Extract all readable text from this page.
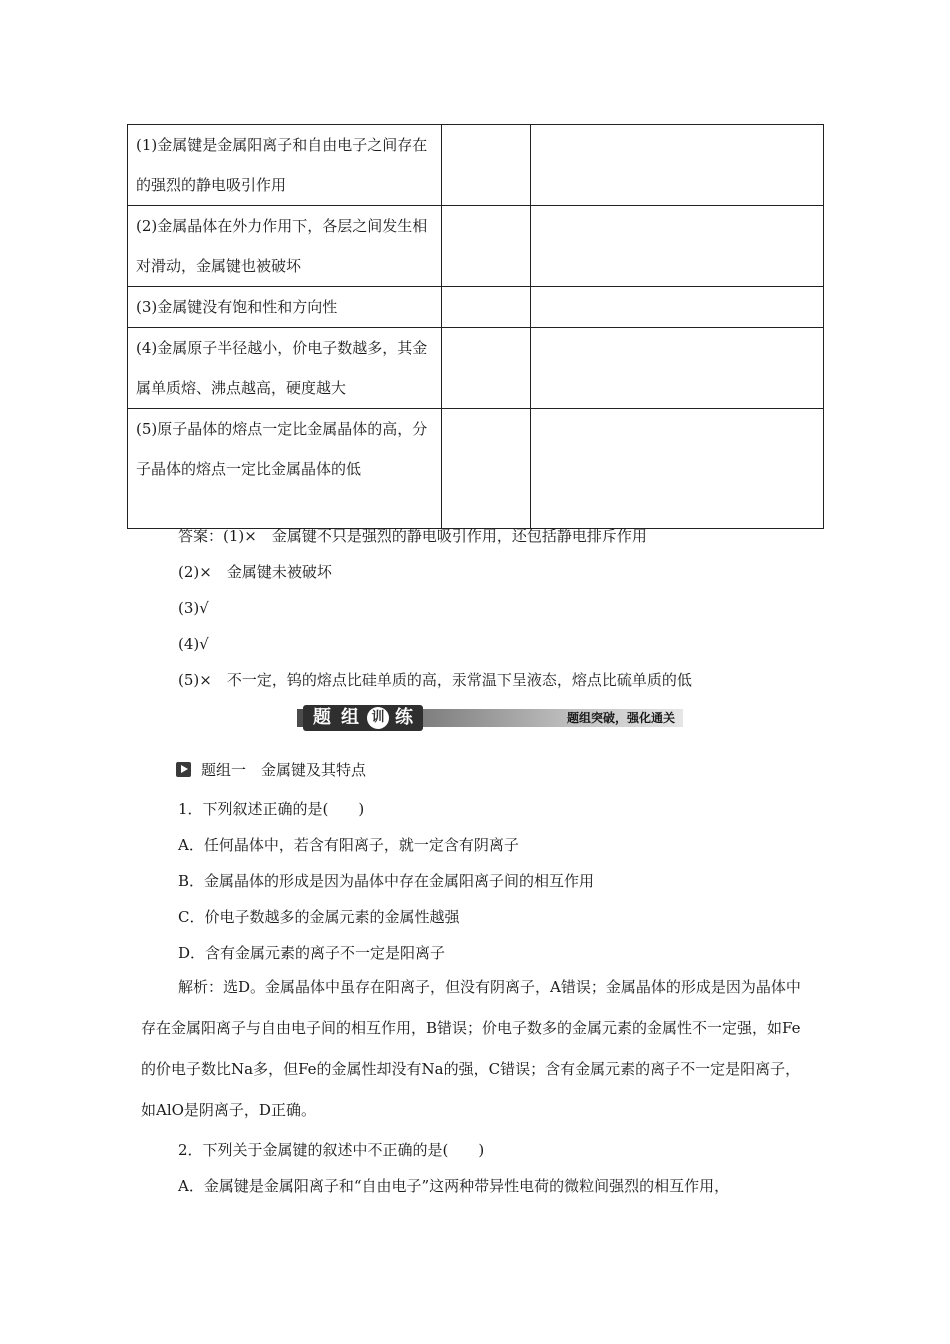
(1)金属键是金属阳离子和自由电子之间存在的强烈的静电吸引作用		
(2)金属晶体在外力作用下，各层之间发生相对滑动，金属键也被破坏		
(3)金属键没有饱和性和方向性		
(4)金属原子半径越小，价电子数越多，其金属单质熔、沸点越高，硬度越大		
(5)原子晶体的熔点一定比金属晶体的高，分子晶体的熔点一定比金属晶体的低		
答案：(1)×　金属键不只是强烈的静电吸引作用，还包括静电排斥作用
(2)×　金属键未被破坏
(3)√
(4)√
(5)×　不一定，钨的熔点比硅单质的高，汞常温下呈液态，熔点比硫单质的低
题 组 训 练	题组突破，强化通关
题组一　金属键及其特点
1．下列叙述正确的是(　　)
A．任何晶体中，若含有阳离子，就一定含有阴离子
B．金属晶体的形成是因为晶体中存在金属阳离子间的相互作用
C．价电子数越多的金属元素的金属性越强
D．含有金属元素的离子不一定是阳离子
解析：选D。金属晶体中虽存在阳离子，但没有阴离子，A错误；金属晶体的形成是因为晶体中存在金属阳离子与自由电子间的相互作用，B错误；价电子数多的金属元素的金属性不一定强，如Fe的价电子数比Na多，但Fe的金属性却没有Na的强，C错误；含有金属元素的离子不一定是阳离子，如AlO是阴离子，D正确。
2．下列关于金属键的叙述中不正确的是(　　)
A．金属键是金属阳离子和“自由电子”这两种带异性电荷的微粒间强烈的相互作用，
